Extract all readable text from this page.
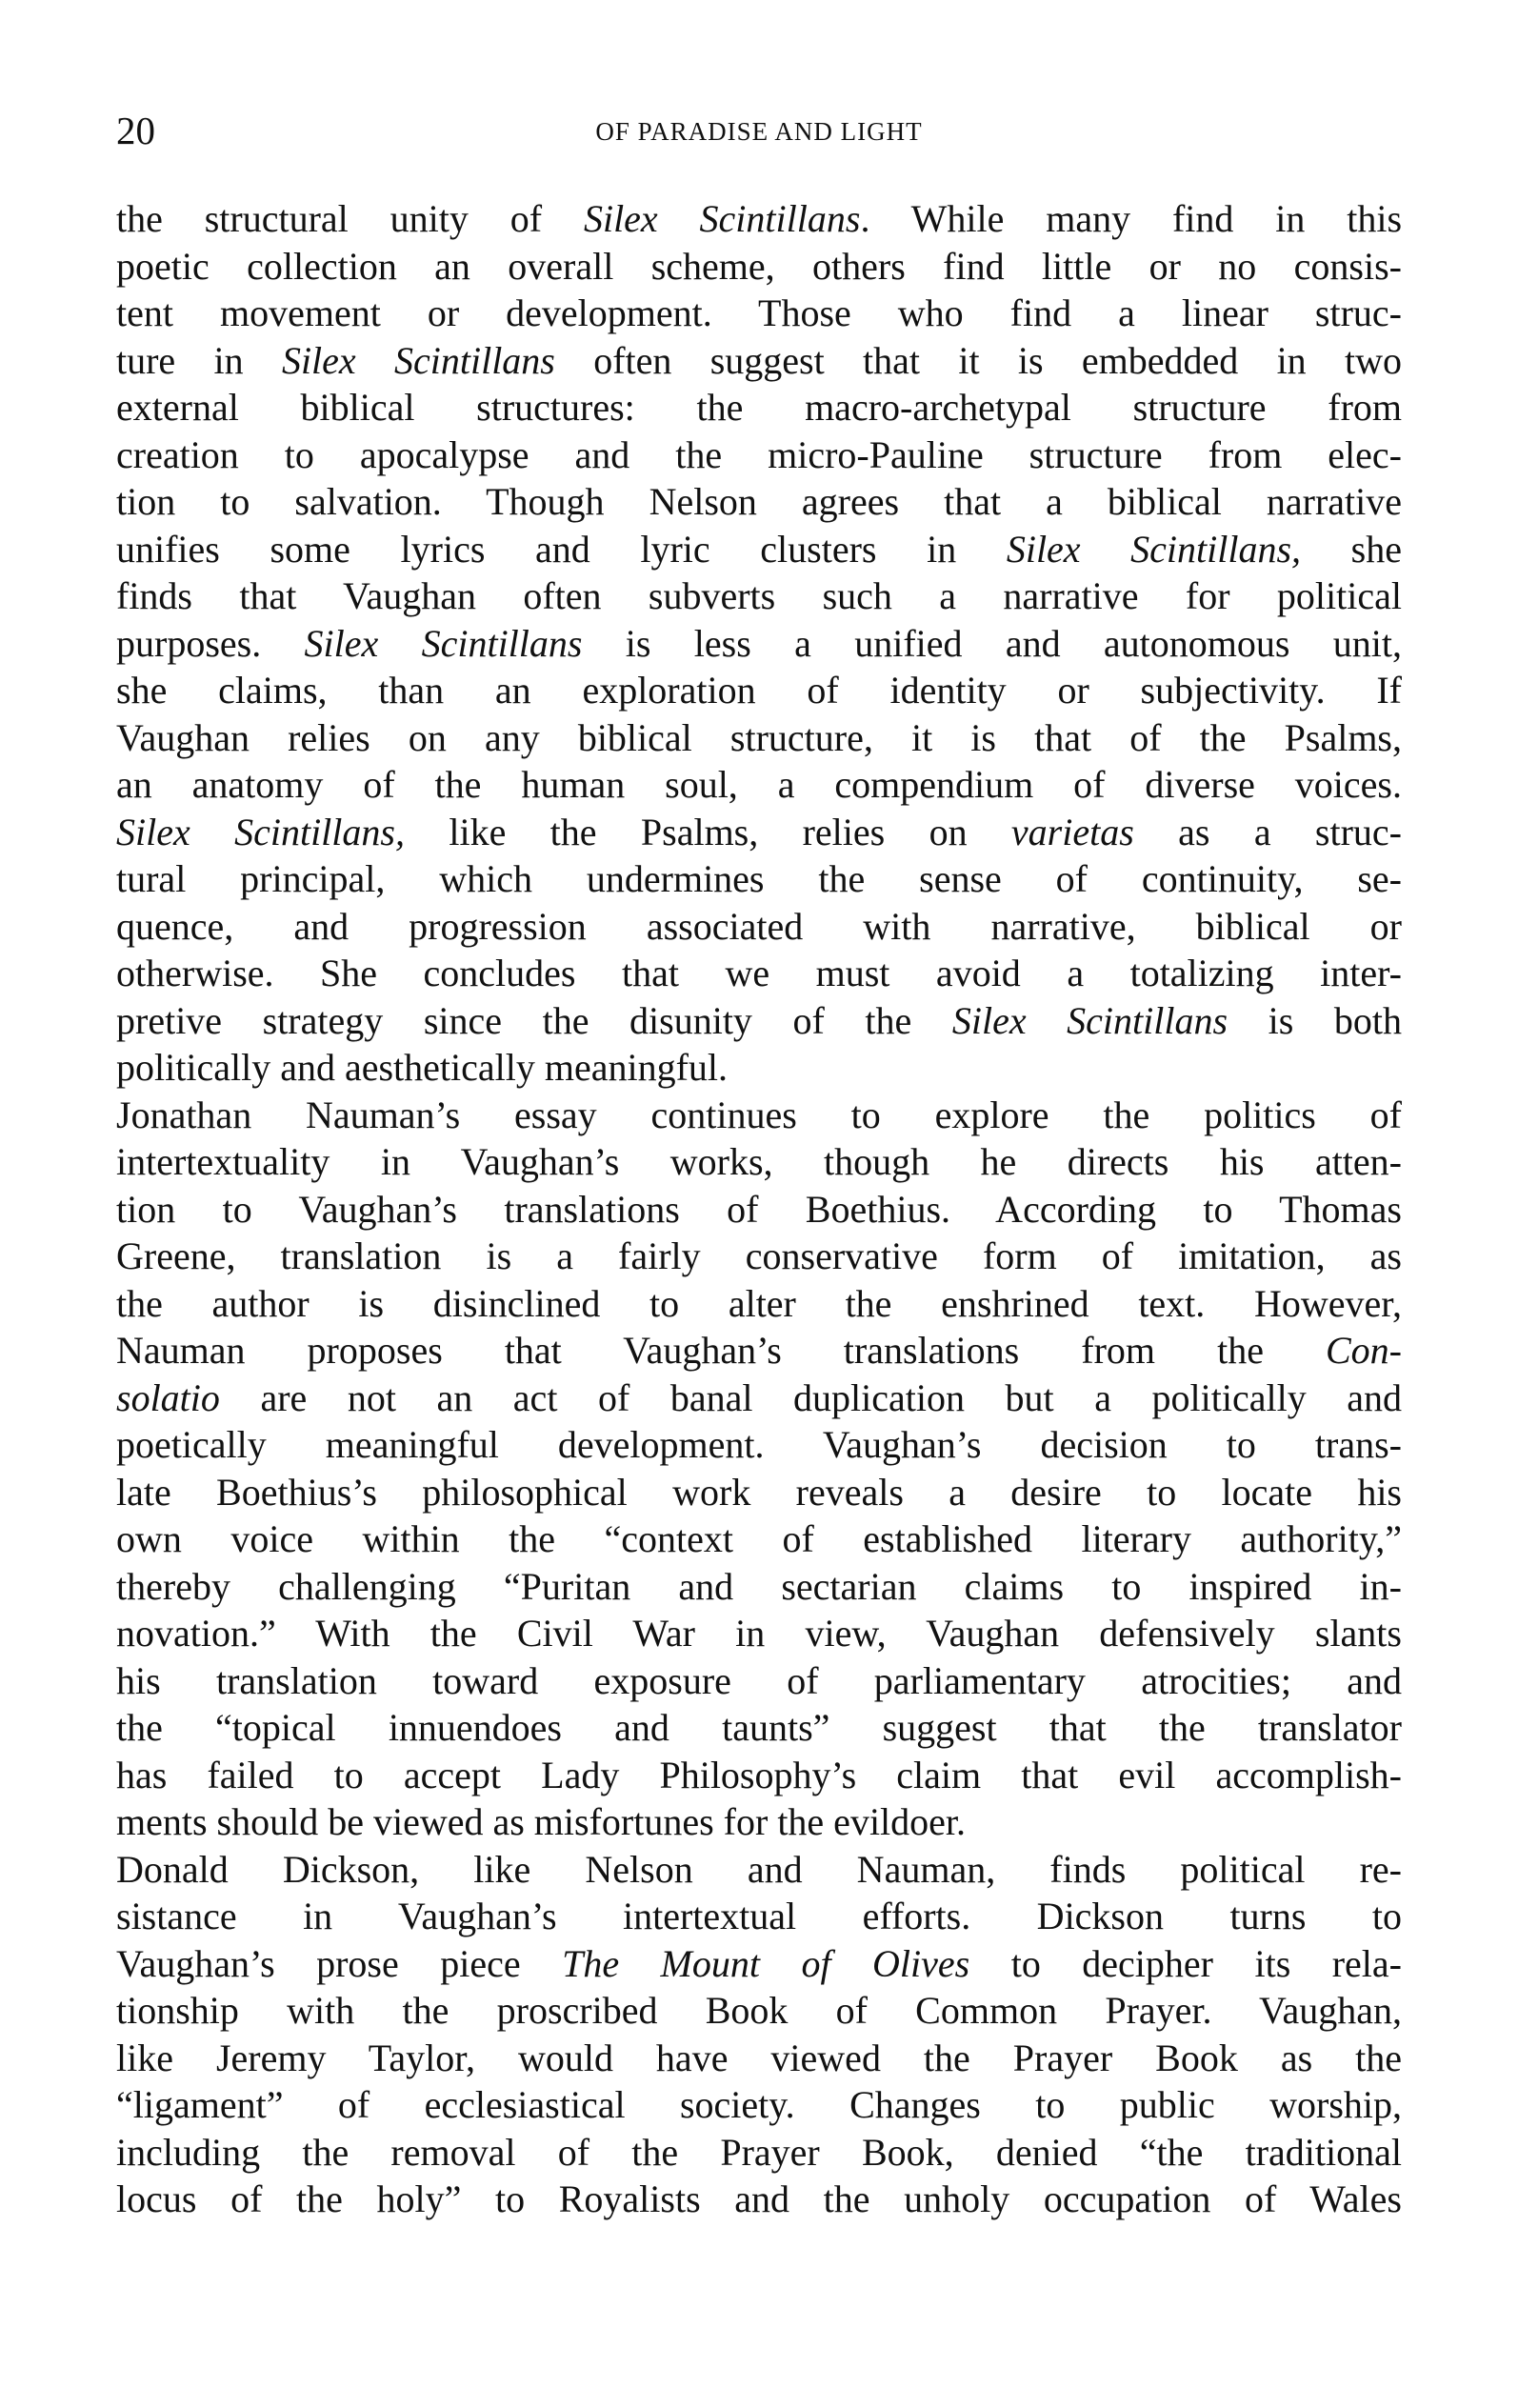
20	OF PARADISE AND LIGHT
the structural unity of Silex Scintillans. While many find in this
poetic collection an overall scheme, others find little or no consis-
tent movement or development. Those who find a linear struc-
ture in Silex Scintillans often suggest that it is embedded in two
external biblical structures: the macro-archetypal structure from
creation to apocalypse and the micro-Pauline structure from elec-
tion to salvation. Though Nelson agrees that a biblical narrative
unifies some lyrics and lyric clusters in Silex Scintillans, she
finds that Vaughan often subverts such a narrative for political
purposes. Silex Scintillans is less a unified and autonomous unit,
she claims, than an exploration of identity or subjectivity. If
Vaughan relies on any biblical structure, it is that of the Psalms,
an anatomy of the human soul, a compendium of diverse voices.
Silex Scintillans, like the Psalms, relies on varietas as a struc-
tural principal, which undermines the sense of continuity, se-
quence, and progression associated with narrative, biblical or
otherwise. She concludes that we must avoid a totalizing inter-
pretive strategy since the disunity of the Silex Scintillans is both
politically and aesthetically meaningful.
Jonathan Nauman’s essay continues to explore the politics of
intertextuality in Vaughan’s works, though he directs his atten-
tion to Vaughan’s translations of Boethius. According to Thomas
Greene, translation is a fairly conservative form of imitation, as
the author is disinclined to alter the enshrined text. However,
Nauman proposes that Vaughan’s translations from the Con-
solatio are not an act of banal duplication but a politically and
poetically meaningful development. Vaughan’s decision to trans-
late Boethius’s philosophical work reveals a desire to locate his
own voice within the “context of established literary authority,”
thereby challenging “Puritan and sectarian claims to inspired in-
novation.” With the Civil War in view, Vaughan defensively slants
his translation toward exposure of parliamentary atrocities; and
the “topical innuendoes and taunts” suggest that the translator
has failed to accept Lady Philosophy’s claim that evil accomplish-
ments should be viewed as misfortunes for the evildoer.
Donald Dickson, like Nelson and Nauman, finds political re-
sistance in Vaughan’s intertextual efforts. Dickson turns to
Vaughan’s prose piece The Mount of Olives to decipher its rela-
tionship with the proscribed Book of Common Prayer. Vaughan,
like Jeremy Taylor, would have viewed the Prayer Book as the
“ligament” of ecclesiastical society. Changes to public worship,
including the removal of the Prayer Book, denied “the traditional
locus of the holy” to Royalists and the unholy occupation of Wales
